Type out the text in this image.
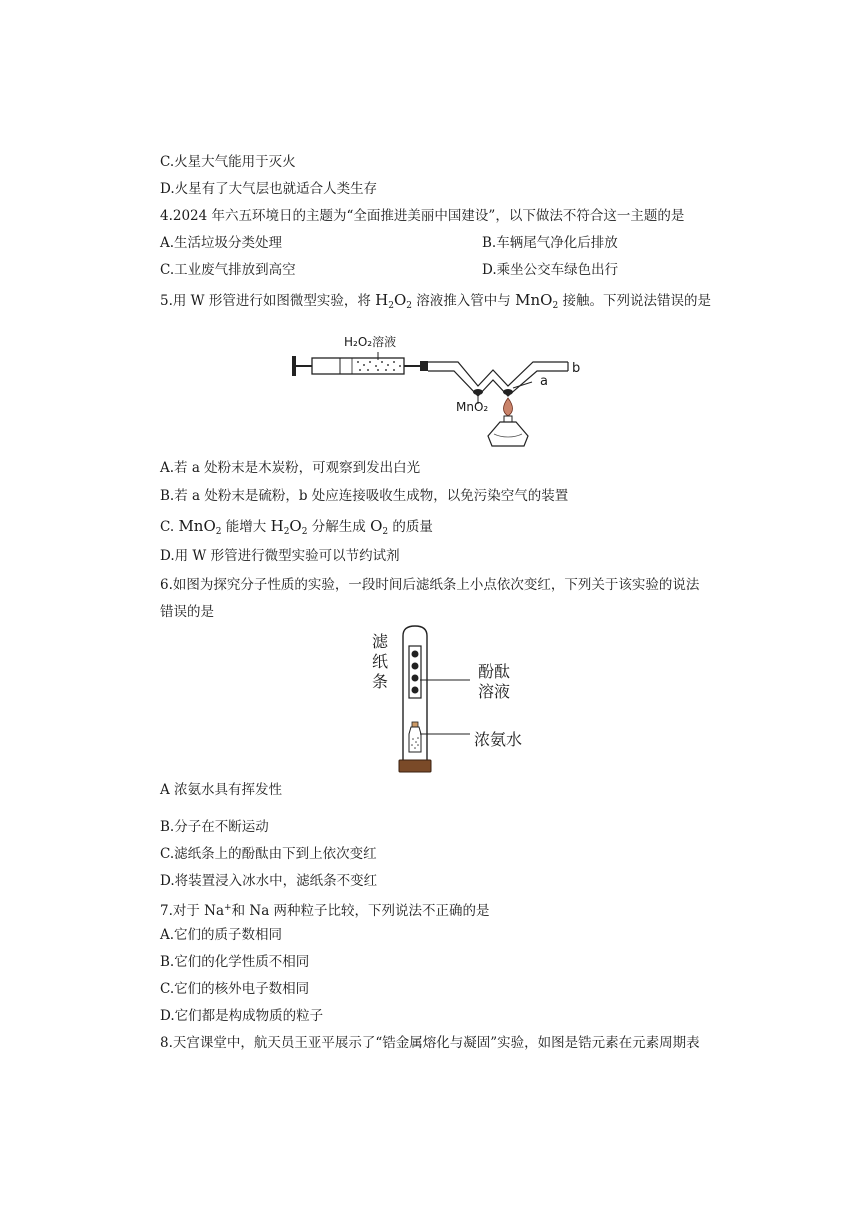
C.火星大气能用于灭火
D.火星有了大气层也就适合人类生存
4.2024 年六五环境日的主题为“全面推进美丽中国建设”，以下做法不符合这一主题的是
A.生活垃圾分类处理	B.车辆尾气净化后排放
C.工业废气排放到高空	D.乘坐公交车绿色出行
5.用 W 形管进行如图微型实验，将 $H_2O_2$ 溶液推入管中与 MnO$_2$ 接触。下列说法错误的是
H₂O₂溶液
MnO₂
a
b
A.若 a 处粉末是木炭粉，可观察到发出白光
B.若 a 处粉末是硫粉，b 处应连接吸收生成物，以免污染空气的装置
C. MnO$_2$ 能增大 $H_2O_2$ 分解生成 $O_2$ 的质量
D.用 W 形管进行微型实验可以节约试剂
6.如图为探究分子性质的实验，一段时间后滤纸条上小点依次变红，下列关于该实验的说法
错误的是
滤
纸
条
酚酞
溶液
浓氨水
A 浓氨水具有挥发性
B.分子在不断运动
C.滤纸条上的酚酞由下到上依次变红
D.将装置浸入冰水中，滤纸条不变红
7.对于 Na+和 Na 两种粒子比较，下列说法不正确的是
A.它们的质子数相同
B.它们的化学性质不相同
C.它们的核外电子数相同
D.它们都是构成物质的粒子
8.天宫课堂中，航天员王亚平展示了“锆金属熔化与凝固”实验，如图是锆元素在元素周期表
